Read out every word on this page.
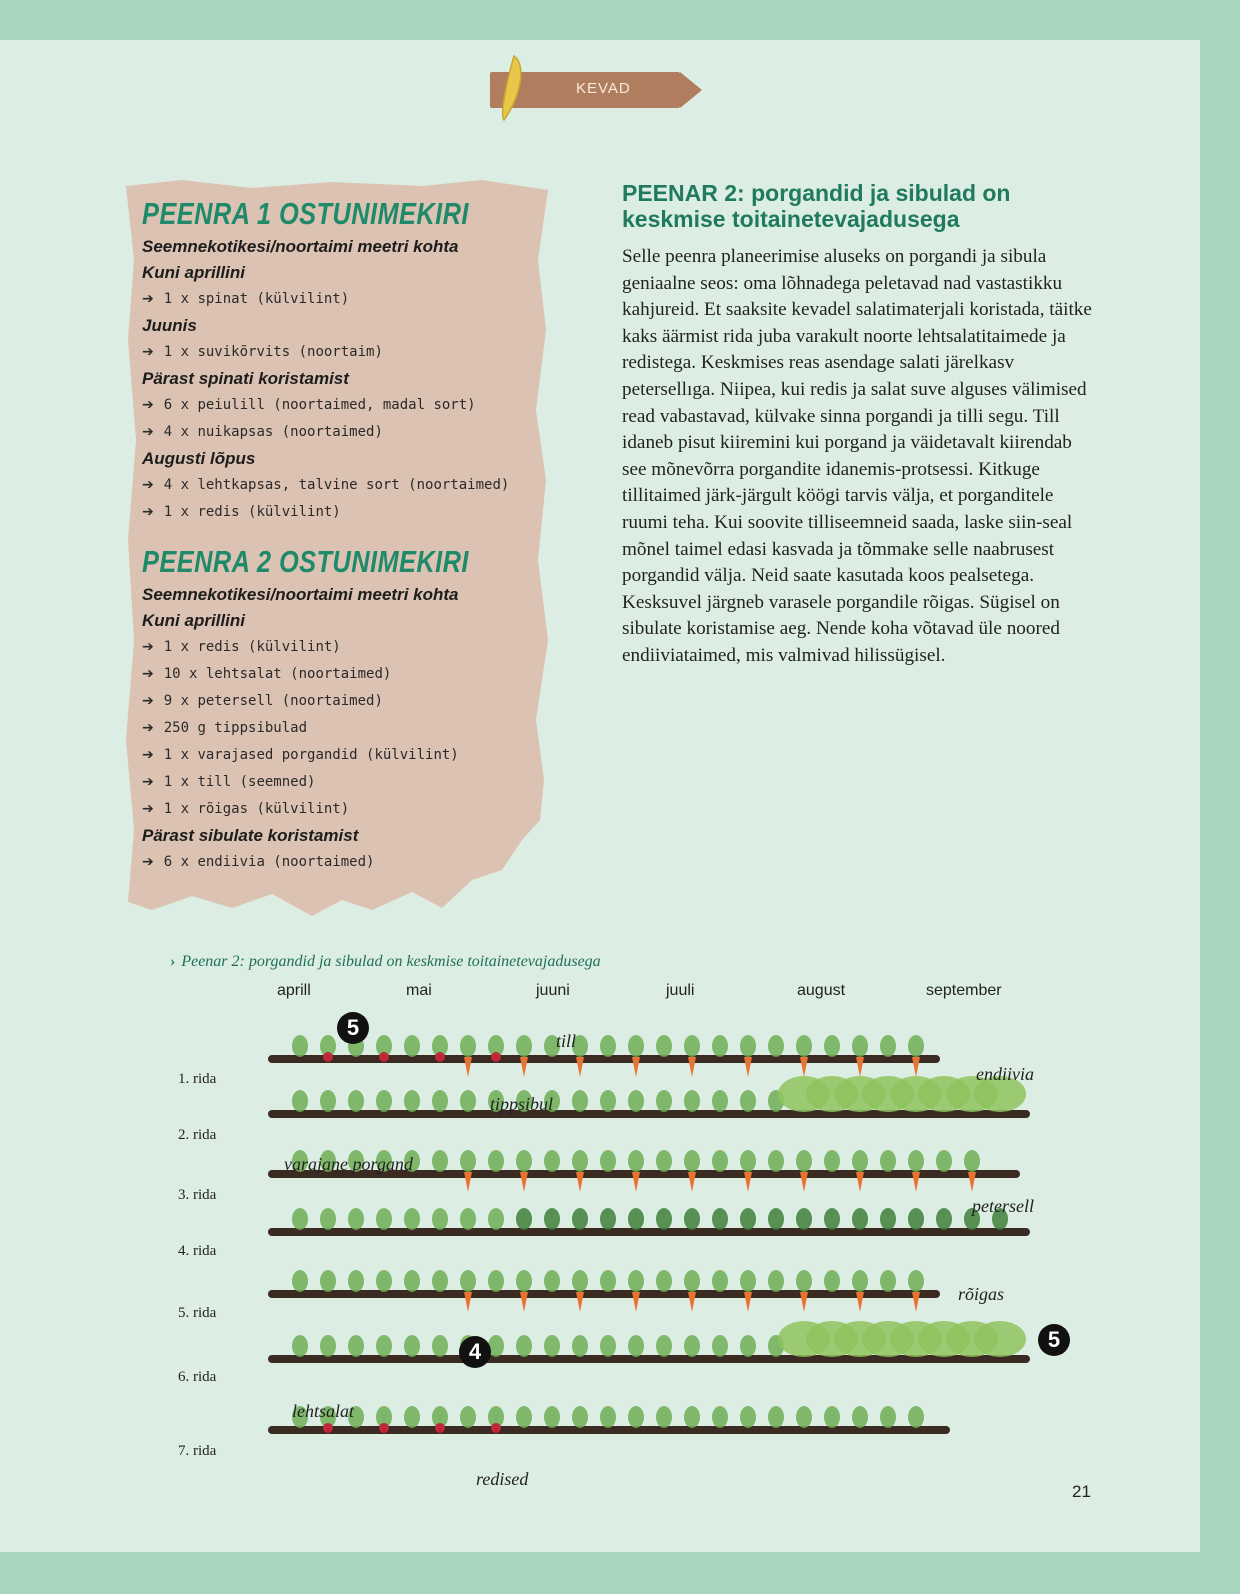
KEVAD
PEENRA 1 OSTUNIMEKIRI

Seemnekotikesi/noortaimi meetri kohta

Kuni aprillini

➔ 1 x spinat (külvilint)

Juunis

➔ 1 x suvikõrvits (noortaim)

Pärast spinati koristamist

➔ 6 x peiulill (noortaimed, madal sort)

➔ 4 x nuikapsas (noortaimed)

Augusti lõpus

➔ 4 x lehtkapsas, talvine sort (noortaimed)

➔ 1 x redis (külvilint)

PEENRA 2 OSTUNIMEKIRI

Seemnekotikesi/noortaimi meetri kohta

Kuni aprillini

➔ 1 x redis (külvilint)

➔ 10 x lehtsalat (noortaimed)

➔ 9 x petersell (noortaimed)

➔ 250 g tippsibulad

➔ 1 x varajased porgandid (külvilint)

➔ 1 x till (seemned)

➔ 1 x rõigas (külvilint)

Pärast sibulate koristamist

➔ 6 x endiivia (noortaimed)

PEENAR 2: porgandid ja sibulad on keskmise toitainetevajadusega

Selle peenra planeerimise aluseks on porgandi ja sibula geniaalne seos: oma lõhnadega peletavad nad vastastikku kahjureid. Et saaksite kevadel salatimaterjali koristada, täitke kaks äärmist rida juba varakult noorte lehtsalatitaimede ja redistega. Keskmises reas asendage salati järelkasv petersellıga. Niipea, kui redis ja salat suve alguses välimised read vabastavad, külvake sinna porgandi ja tilli segu. Till idaneb pisut kiiremini kui porgand ja väidetavalt kiirendab see mõnevõrra porgandite idanemis-protsessi. Kitkuge tillitaimed järk-järgult köögi tarvis välja, et porganditele ruumi teha. Kui soovite tilliseemneid saada, laske siin-seal mõnel taimel edasi kasvada ja tõmmake selle naabrusest porgandid välja. Neid saate kasutada koos pealsetega. Kesksuvel järgneb varasele porgandile rõigas. Sügisel on sibulate koristamise aeg. Nende koha võtavad üle noored endiiviataimed, mis valmivad hilissügisel.

› Peenar 2: porgandid ja sibulad on keskmise toitainetevajadusega

aprill	mai	juuni	juuli	august	september
1. rida
2. rida
3. rida
4. rida
5. rida
6. rida
7. rida
till
endiivia
tippsibul
varajane porgand
petersell
rõigas
lehtsalat
redised
5
4	5
21
